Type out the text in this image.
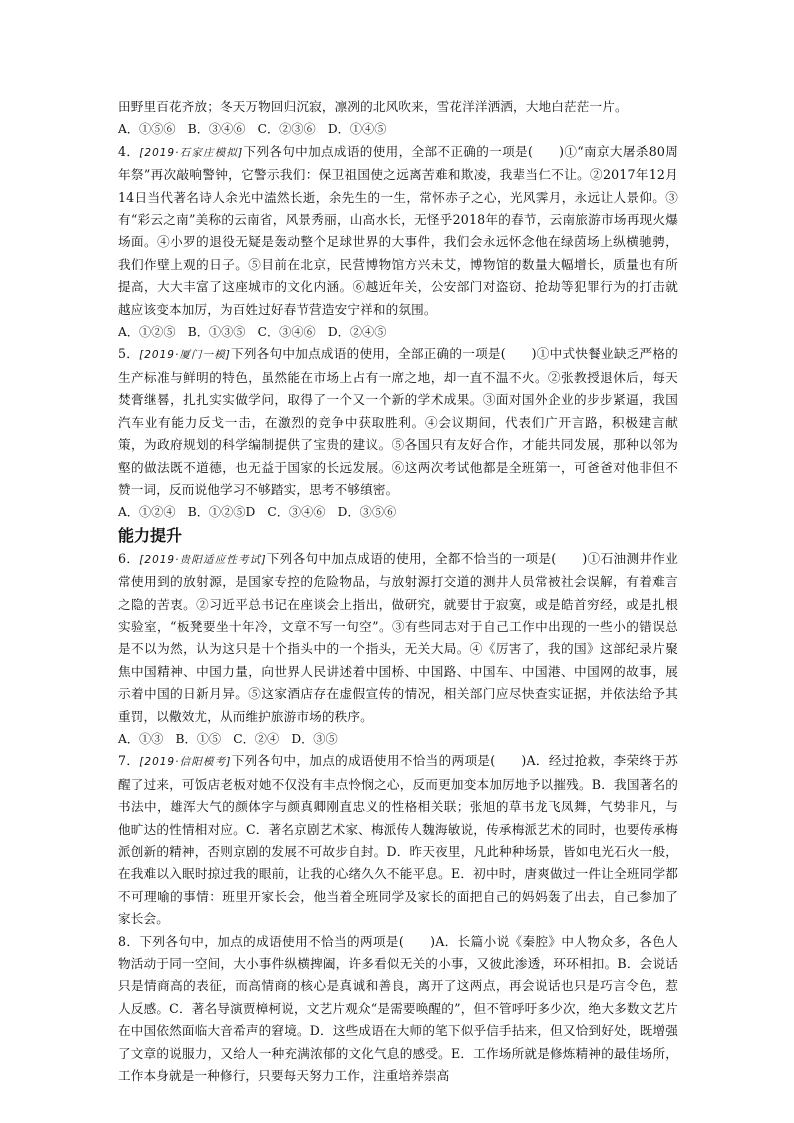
田野里百花齐放；冬天万物回归沉寂，凛冽的北风吹来，雪花洋洋洒洒，大地白茫茫一片。

A．①⑤⑥　B．③④⑥　C．②③⑥　D．①④⑤

4．[2019·石家庄模拟]下列各句中加点成语的使用，全部不正确的一项是(　　)①“南京大屠杀80周年祭”再次敲响警钟，它警示我们：保卫祖国使之远离苦难和欺凌，我辈当仁不让。②2017年12月14日当代著名诗人余光中溘然长逝，余先生的一生，常怀赤子之心，光风霁月，永远让人景仰。③有“彩云之南”美称的云南省，风景秀丽，山高水长，无怪乎2018年的春节，云南旅游市场再现火爆场面。④小罗的退役无疑是轰动整个足球世界的大事件，我们会永远怀念他在绿茵场上纵横驰骋，我们作壁上观的日子。⑤目前在北京，民营博物馆方兴未艾，博物馆的数量大幅增长，质量也有所提高，大大丰富了这座城市的文化内涵。⑥越近年关，公安部门对盗窃、抢劫等犯罪行为的打击就越应该变本加厉，为百姓过好春节营造安宁祥和的氛围。

A．①②⑤　B．①③⑤　C．③④⑥　D．②④⑤

5．[2019·厦门一模]下列各句中加点成语的使用，全部正确的一项是(　　)①中式快餐业缺乏严格的生产标准与鲜明的特色，虽然能在市场上占有一席之地，却一直不温不火。②张教授退休后，每天焚膏继晷，扎扎实实做学问，取得了一个又一个新的学术成果。③面对国外企业的步步紧逼，我国汽车业有能力反戈一击，在激烈的竞争中获取胜利。④会议期间，代表们广开言路，积极建言献策，为政府规划的科学编制提供了宝贵的建议。⑤各国只有友好合作，才能共同发展，那种以邻为壑的做法既不道德，也无益于国家的长远发展。⑥这两次考试他都是全班第一，可爸爸对他非但不赞一词，反而说他学习不够踏实，思考不够缜密。

A．①②④　B．①②⑤D　C．③④⑥　D．③⑤⑥

能力提升

6．[2019·贵阳适应性考试]下列各句中加点成语的使用，全都不恰当的一项是(　　)①石油测井作业常使用到的放射源，是国家专控的危险物品，与放射源打交道的测井人员常被社会误解，有着难言之隐的苦衷。②习近平总书记在座谈会上指出，做研究，就要甘于寂寞，或是皓首穷经，或是扎根实验室，“板凳要坐十年冷，文章不写一句空”。③有些同志对于自己工作中出现的一些小的错误总是不以为然，认为这只是十个指头中的一个指头，无关大局。④《厉害了，我的国》这部纪录片聚焦中国精神、中国力量，向世界人民讲述着中国桥、中国路、中国车、中国港、中国网的故事，展示着中国的日新月异。⑤这家酒店存在虚假宣传的情况，相关部门应尽快查实证据，并依法给予其重罚，以儆效尤，从而维护旅游市场的秩序。

A．①③　B．①⑤　C．②④　D．③⑤

7．[2019·信阳模考]下列各句中，加点的成语使用不恰当的两项是(　　)A．经过抢救，李荣终于苏醒了过来，可饭店老板对她不仅没有丰点怜悯之心，反而更加变本加厉地予以摧残。B．我国著名的书法中，雄浑大气的颜体字与颜真卿刚直忠义的性格相关联；张旭的草书龙飞凤舞，气势非凡，与他旷达的性情相对应。C．著名京剧艺术家、梅派传人魏海敏说，传承梅派艺术的同时，也要传承梅派创新的精神，否则京剧的发展不可故步自封。D．昨天夜里，凡此种种场景，皆如电光石火一般，在我难以入眠时掠过我的眼前，让我的心绪久久不能平息。E．初中时，唐爽做过一件让全班同学都不可理喻的事情：班里开家长会，他当着全班同学及家长的面把自己的妈妈轰了出去，自己参加了家长会。

8．下列各句中，加点的成语使用不恰当的两项是(　　)A．长篇小说《秦腔》中人物众多，各色人物活动于同一空间，大小事件纵横捭阖，许多看似无关的小事，又彼此渗透，环环相扣。B．会说话只是情商高的表征，而高情商的核心是真诚和善良，离开了这两点，再会说话也只是巧言令色，惹人反感。C．著名导演贾樟柯说，文艺片观众“是需要唤醒的”，但不管呼吁多少次，绝大多数文艺片在中国依然面临大音希声的窘境。D．这些成语在大师的笔下似乎信手拈来，但又恰到好处，既增强了文章的说服力，又给人一种充满浓郁的文化气息的感受。E．工作场所就是修炼精神的最佳场所，工作本身就是一种修行，只要每天努力工作，注重培养崇高
